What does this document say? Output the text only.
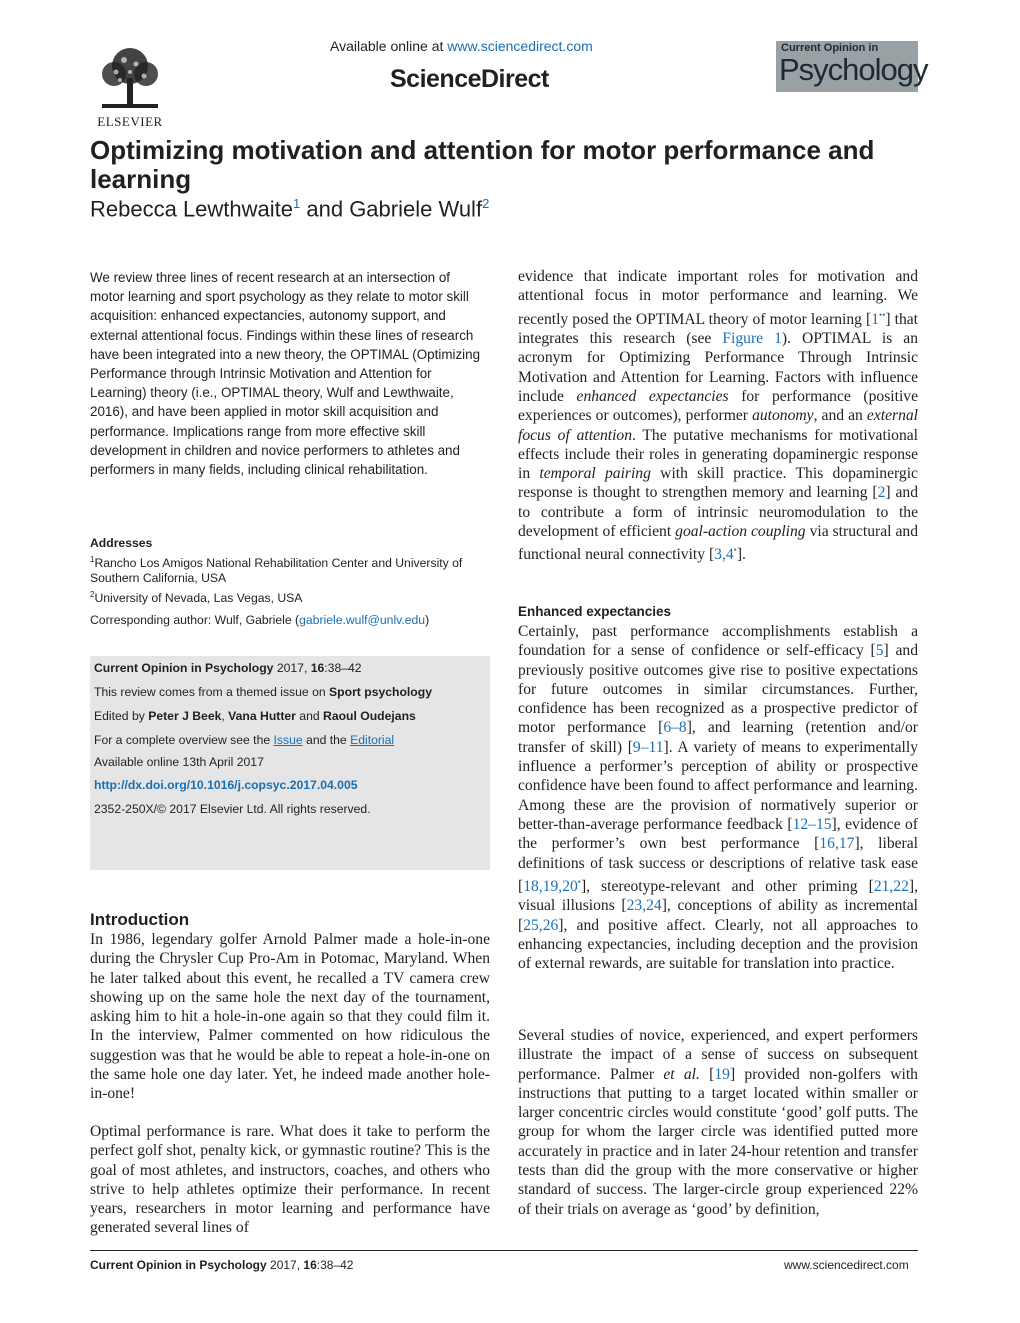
ELSEVIER
Available online at www.sciencedirect.com
ScienceDirect
Current Opinion in
Psychology
Optimizing motivation and attention for motor performance and learning
Rebecca Lewthwaite$^1$ and Gabriele Wulf$^2$
We review three lines of recent research at an intersection of motor learning and sport psychology as they relate to motor skill acquisition: enhanced expectancies, autonomy support, and external attentional focus. Findings within these lines of research have been integrated into a new theory, the OPTIMAL (Optimizing Performance through Intrinsic Motivation and Attention for Learning) theory (i.e., OPTIMAL theory, Wulf and Lewthwaite, 2016), and have been applied in motor skill acquisition and performance. Implications range from more effective skill development in children and novice performers to athletes and performers in many fields, including clinical rehabilitation.
Addresses
$^1$Rancho Los Amigos National Rehabilitation Center and University of Southern California, USA
$^2$University of Nevada, Las Vegas, USA
Corresponding author: Wulf, Gabriele (gabriele.wulf@unlv.edu)
Current Opinion in Psychology 2017, 16:38–42
This review comes from a themed issue on Sport psychology
Edited by Peter J Beek, Vana Hutter and Raoul Oudejans
For a complete overview see the Issue and the Editorial
Available online 13th April 2017
http://dx.doi.org/10.1016/j.copsyc.2017.04.005
2352-250X/© 2017 Elsevier Ltd. All rights reserved.
Introduction
In 1986, legendary golfer Arnold Palmer made a hole-in-one during the Chrysler Cup Pro-Am in Potomac, Maryland. When he later talked about this event, he recalled a TV camera crew showing up on the same hole the next day of the tournament, asking him to hit a hole-in-one again so that they could film it. In the interview, Palmer commented on how ridiculous the suggestion was that he would be able to repeat a hole-in-one on the same hole one day later. Yet, he indeed made another hole-in-one!
Optimal performance is rare. What does it take to perform the perfect golf shot, penalty kick, or gymnastic routine? This is the goal of most athletes, and instructors, coaches, and others who strive to help athletes optimize their performance. In recent years, researchers in motor learning and performance have generated several lines of
evidence that indicate important roles for motivation and attentional focus in motor performance and learning. We recently posed the OPTIMAL theory of motor learning [1••] that integrates this research (see Figure 1). OPTIMAL is an acronym for Optimizing Performance Through Intrinsic Motivation and Attention for Learning. Factors with influence include enhanced expectancies for performance (positive experiences or outcomes), performer autonomy, and an external focus of attention. The putative mechanisms for motivational effects include their roles in generating dopaminergic response in temporal pairing with skill practice. This dopaminergic response is thought to strengthen memory and learning [2] and to contribute a form of intrinsic neuromodulation to the development of efficient goal-action coupling via structural and functional neural connectivity [3,4•].
Enhanced expectancies
Certainly, past performance accomplishments establish a foundation for a sense of confidence or self-efficacy [5] and previously positive outcomes give rise to positive expectations for future outcomes in similar circumstances. Further, confidence has been recognized as a prospective predictor of motor performance [6–8], and learning (retention and/or transfer of skill) [9–11]. A variety of means to experimentally influence a performer’s perception of ability or prospective confidence have been found to affect performance and learning. Among these are the provision of normatively superior or better-than-average performance feedback [12–15], evidence of the performer’s own best performance [16,17], liberal definitions of task success or descriptions of relative task ease [18,19,20•], stereotype-relevant and other priming [21,22], visual illusions [23,24], conceptions of ability as incremental [25,26], and positive affect. Clearly, not all approaches to enhancing expectancies, including deception and the provision of external rewards, are suitable for translation into practice.
Several studies of novice, experienced, and expert performers illustrate the impact of a sense of success on subsequent performance. Palmer et al. [19] provided non-golfers with instructions that putting to a target located within smaller or larger concentric circles would constitute ‘good’ golf putts. The group for whom the larger circle was identified putted more accurately in practice and in later 24-hour retention and transfer tests than did the group with the more conservative or higher standard of success. The larger-circle group experienced 22% of their trials on average as ‘good’ by definition,
Current Opinion in Psychology 2017, 16:38–42	www.sciencedirect.com
